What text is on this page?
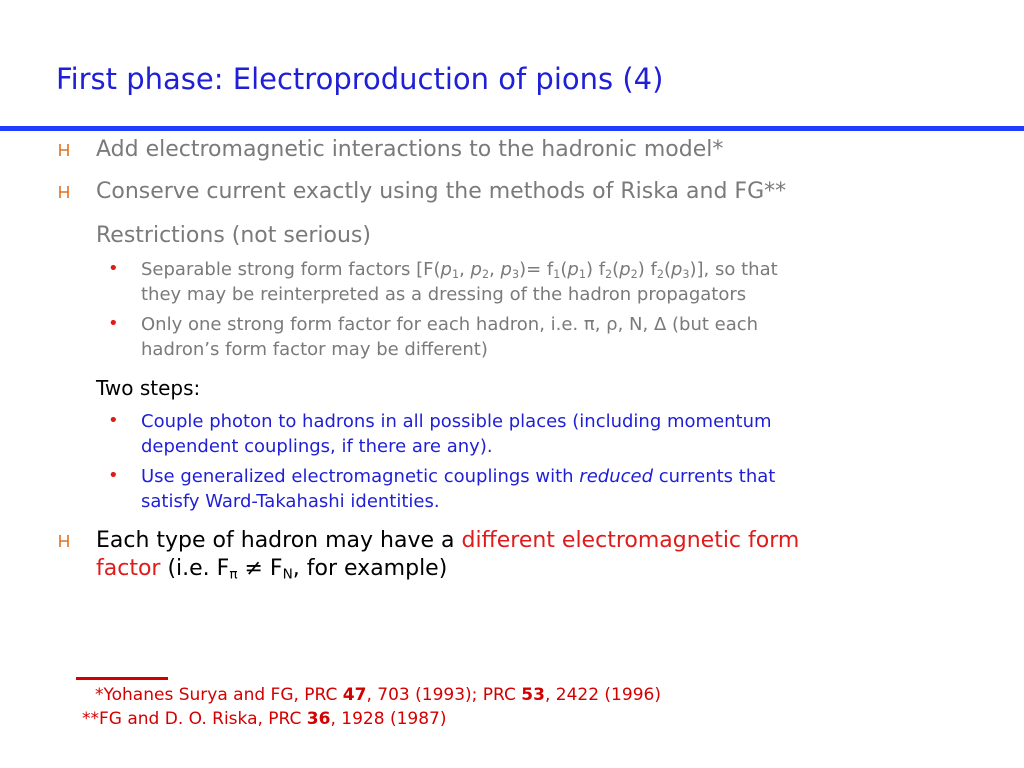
First phase: Electroproduction of pions (4)
Add electromagnetic interactions to the hadronic model*
Conserve current exactly using the methods of Riska and FG**
Restrictions (not serious)
• Separable strong form factors [$F(p_1$, $p_2$, $p_3)= f_1(p_1)$ $f_2(p_2)$ $f_2(p_3)$], so that
they may be reinterpreted as a dressing of the hadron propagators
• Only one strong form factor for each hadron, i.e. π, ρ, N, Δ (but each
hadron’s form factor may be different)
Two steps:
• Couple photon to hadrons in all possible places (including momentum
dependent couplings, if there are any).
• Use generalized electromagnetic couplings with reduced currents that
satisfy Ward-Takahashi identities.
Each type of hadron may have a different electromagnetic form
factor (i.e. $F_\pi \ne F_N$, for example)
*Yohanes Surya and FG, PRC 47, 703 (1993); PRC 53, 2422 (1996)
**FG and D. O. Riska, PRC 36, 1928 (1987)
